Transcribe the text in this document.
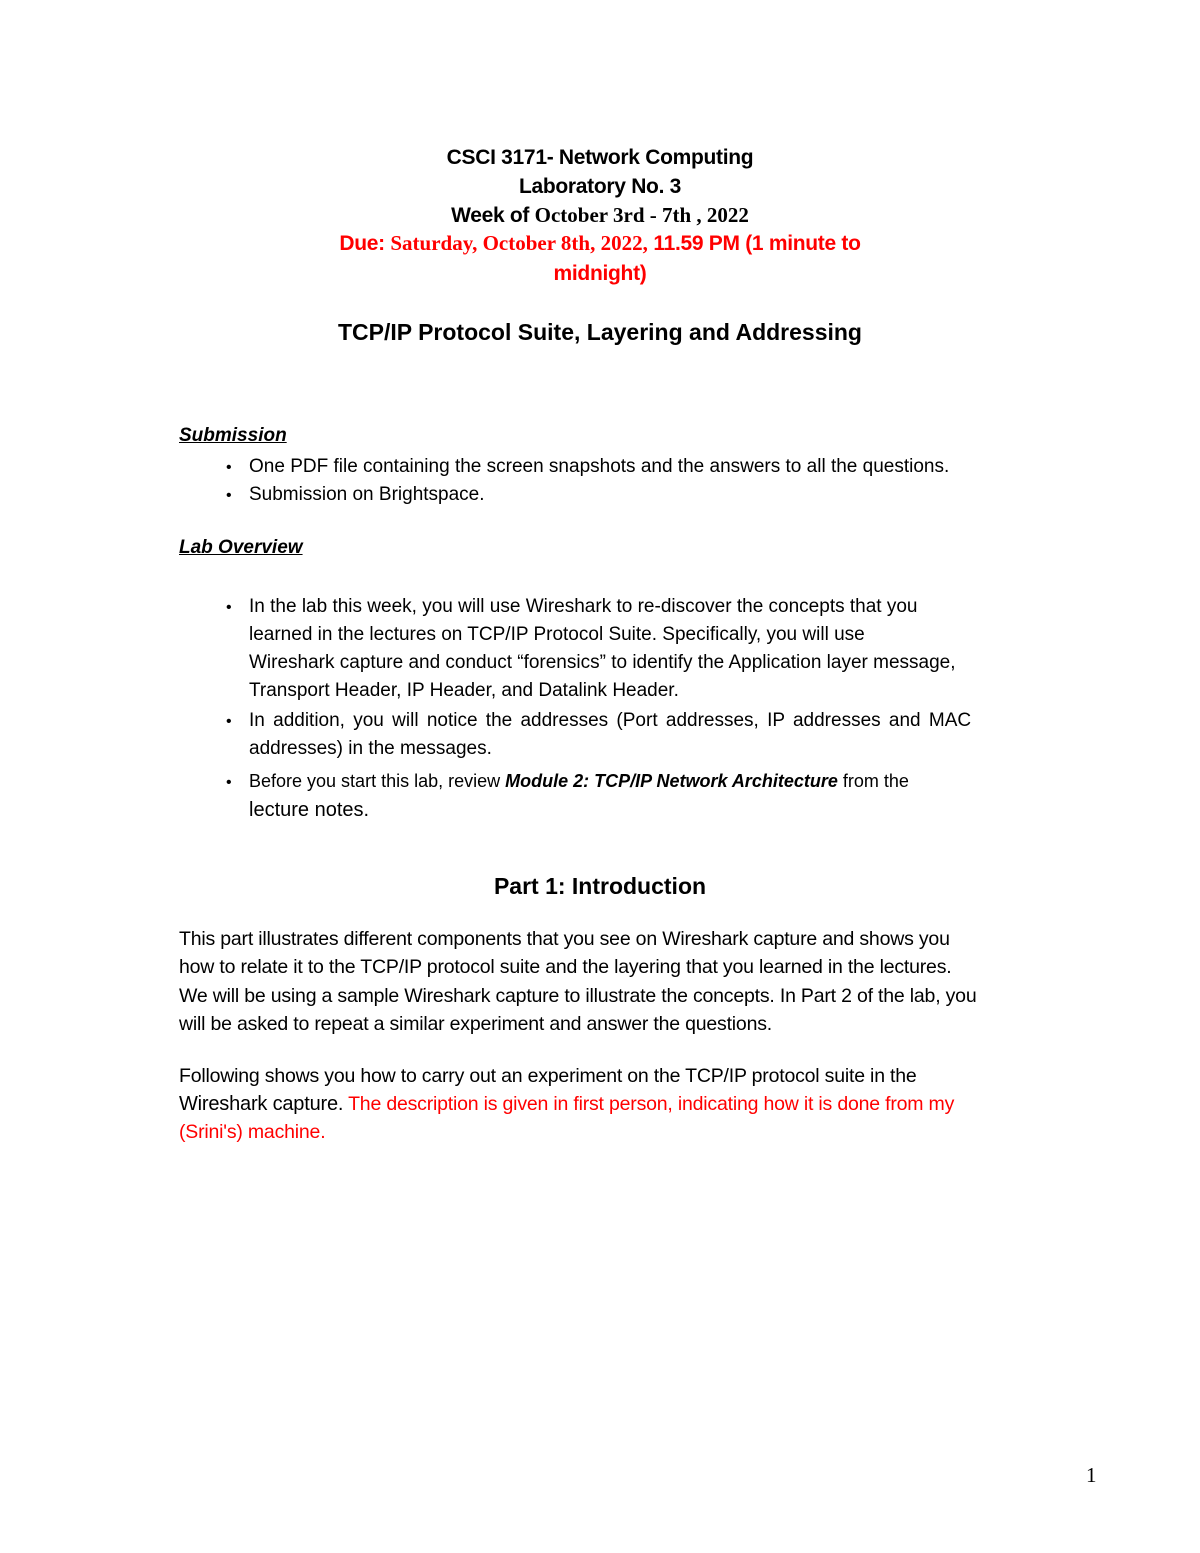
CSCI 3171- Network Computing
Laboratory No. 3
Week of October 3rd - 7th , 2022
Due: Saturday, October 8th, 2022, 11.59 PM (1 minute to
midnight)
TCP/IP Protocol Suite, Layering and Addressing
Submission
• One PDF file containing the screen snapshots and the answers to all the questions.
• Submission on Brightspace.
Lab Overview
• In the lab this week, you will use Wireshark to re-discover the concepts that you
learned in the lectures on TCP/IP Protocol Suite. Specifically, you will use
Wireshark capture and conduct “forensics” to identify the Application layer message,
Transport Header, IP Header, and Datalink Header.
• In addition, you will notice the addresses (Port addresses, IP addresses and MAC
addresses) in the messages.
• Before you start this lab, review Module 2: TCP/IP Network Architecture from the
lecture notes.
Part 1: Introduction
This part illustrates different components that you see on Wireshark capture and shows you
how to relate it to the TCP/IP protocol suite and the layering that you learned in the lectures.
We will be using a sample Wireshark capture to illustrate the concepts. In Part 2 of the lab, you
will be asked to repeat a similar experiment and answer the questions.
Following shows you how to carry out an experiment on the TCP/IP protocol suite in the
Wireshark capture. The description is given in first person, indicating how it is done from my
(Srini's) machine.
1
